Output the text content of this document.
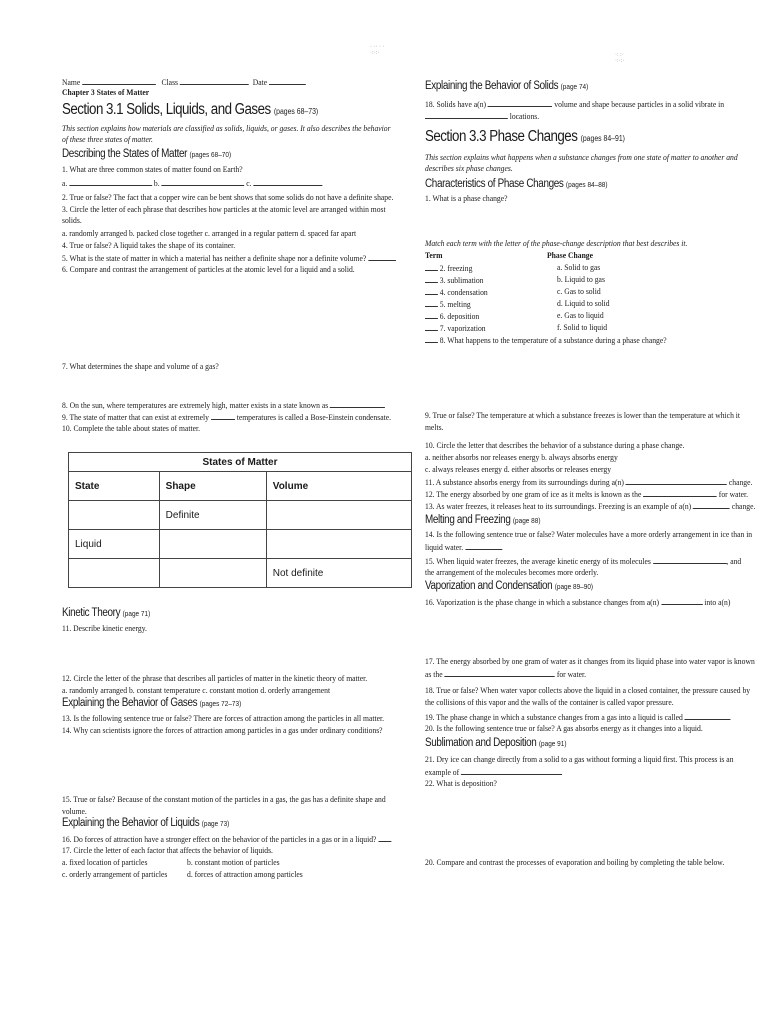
· ·· · ·
·:·:·	·: :·
·:·:·
Name	Class	Date
Chapter 3 States of Matter
Section 3.1 Solids, Liquids, and Gases (pages 68–73)
This section explains how materials are classified as solids, liquids, or gases. It also describes the behavior
of these three states of matter.
Describing the States of Matter (pages 68–70)
1. What are three common states of matter found on Earth?
a.	b.	c.
2. True or false? The fact that a copper wire can be bent shows that some solids do not have a definite shape.
3. Circle the letter of each phrase that describes how particles at the atomic level are arranged within most
solids.
a. randomly arranged b. packed close together c. arranged in a regular pattern d. spaced far apart
4. True or false? A liquid takes the shape of its container.
5. What is the state of matter in which a material has neither a definite shape nor a definite volume?
6. Compare and contrast the arrangement of particles at the atomic level for a liquid and a solid.
7. What determines the shape and volume of a gas?
8. On the sun, where temperatures are extremely high, matter exists in a state known as
9. The state of matter that can exist at extremely	temperatures is called a Bose-Einstein condensate.
10. Complete the table about states of matter.
States of Matter		
State	Shape	Volume
	Definite	
Liquid		
		Not definite
Kinetic Theory (page 71)
11. Describe kinetic energy.
12. Circle the letter of the phrase that describes all particles of matter in the kinetic theory of matter.
a. randomly arranged b. constant temperature c. constant motion d. orderly arrangement
Explaining the Behavior of Gases (pages 72–73)
13. Is the following sentence true or false? There are forces of attraction among the particles in all matter.
14. Why can scientists ignore the forces of attraction among particles in a gas under ordinary conditions?
15. True or false? Because of the constant motion of the particles in a gas, the gas has a definite shape and
volume.
Explaining the Behavior of Liquids (page 73)
16. Do forces of attraction have a stronger effect on the behavior of the particles in a gas or in a liquid?
17. Circle the letter of each factor that affects the behavior of liquids.
a. fixed location of particles	b. constant motion of particles
c. orderly arrangement of particles d. forces of attraction among particles
Explaining the Behavior of Solids (page 74)
18. Solids have a(n)	volume and shape because particles in a solid vibrate in
locations.
Section 3.3 Phase Changes (pages 84–91)
This section explains what happens when a substance changes from one state of matter to another and
describes six phase changes.
Characteristics of Phase Changes (pages 84–88)
1. What is a phase change?
Match each term with the letter of the phase-change description that best describes it.
Term	Phase Change
2. freezing	a. Solid to gas
3. sublimation	b. Liquid to gas
4. condensation	c. Gas to solid
5. melting	d. Liquid to solid
6. deposition	e. Gas to liquid
7. vaporization	f. Solid to liquid
8. What happens to the temperature of a substance during a phase change?
9. True or false? The temperature at which a substance freezes is lower than the temperature at which it
melts.
10. Circle the letter that describes the behavior of a substance during a phase change.
a. neither absorbs nor releases energy b. always absorbs energy
c. always releases energy d. either absorbs or releases energy
11. A substance absorbs energy from its surroundings during a(n)	change.
12. The energy absorbed by one gram of ice as it melts is known as the	for water.
13. As water freezes, it releases heat to its surroundings. Freezing is an example of a(n)	change.
Melting and Freezing (page 88)
14. Is the following sentence true or false? Water molecules have a more orderly arrangement in ice than in
liquid water.
15. When liquid water freezes, the average kinetic energy of its molecules	, and
the arrangement of the molecules becomes more orderly.
Vaporization and Condensation (page 89–90)
16. Vaporization is the phase change in which a substance changes from a(n)	into a(n)
17. The energy absorbed by one gram of water as it changes from its liquid phase into water vapor is known
as the	for water.
18. True or false? When water vapor collects above the liquid in a closed container, the pressure caused by
the collisions of this vapor and the walls of the container is called vapor pressure.
19. The phase change in which a substance changes from a gas into a liquid is called
20. Is the following sentence true or false? A gas absorbs energy as it changes into a liquid.
Sublimation and Deposition (page 91)
21. Dry ice can change directly from a solid to a gas without forming a liquid first. This process is an
example of
22. What is deposition?
20. Compare and contrast the processes of evaporation and boiling by completing the table below.
